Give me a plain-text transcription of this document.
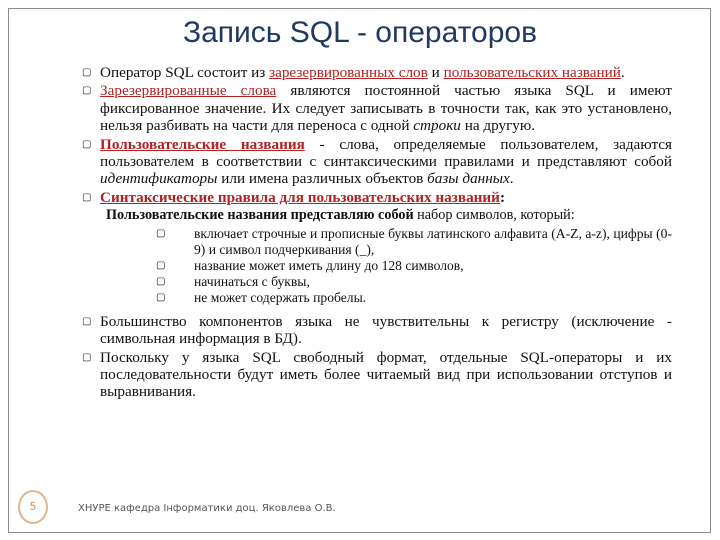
Запись SQL - операторов
▢ Оператор SQL состоит из зарезервированных слов и пользовательских названий.
▢ Зарезервированные слова являются постоянной частью языка SQL и имеют фиксированное значение. Их следует записывать в точности так, как это установлено, нельзя разбивать на части для переноса с одной строки на другую.
▢ Пользовательские названия - слова, определяемые пользователем, задаются пользователем в соответствии с синтаксическими правилами и представляют собой идентификаторы или имена различных объектов базы данных.
▢ Синтаксические правила для пользовательских названий:
Пользовательские названия представляю собой набор символов, который:
▢ включает строчные и прописные буквы латинского алфавита (A-Z, a-z), цифры (0-9) и символ подчеркивания (_),
▢ название может иметь длину до 128 символов,
▢ начинаться с буквы,
▢ не может содержать пробелы.
▢ Большинство компонентов языка не чувствительны к регистру (исключение - символьная информация в БД).
▢ Поскольку у языка SQL свободный формат, отдельные SQL-операторы и их последовательности будут иметь более читаемый вид при использовании отступов и выравнивания.
5	ХНУРЕ кафедра Інформатики доц. Яковлева О.В.
